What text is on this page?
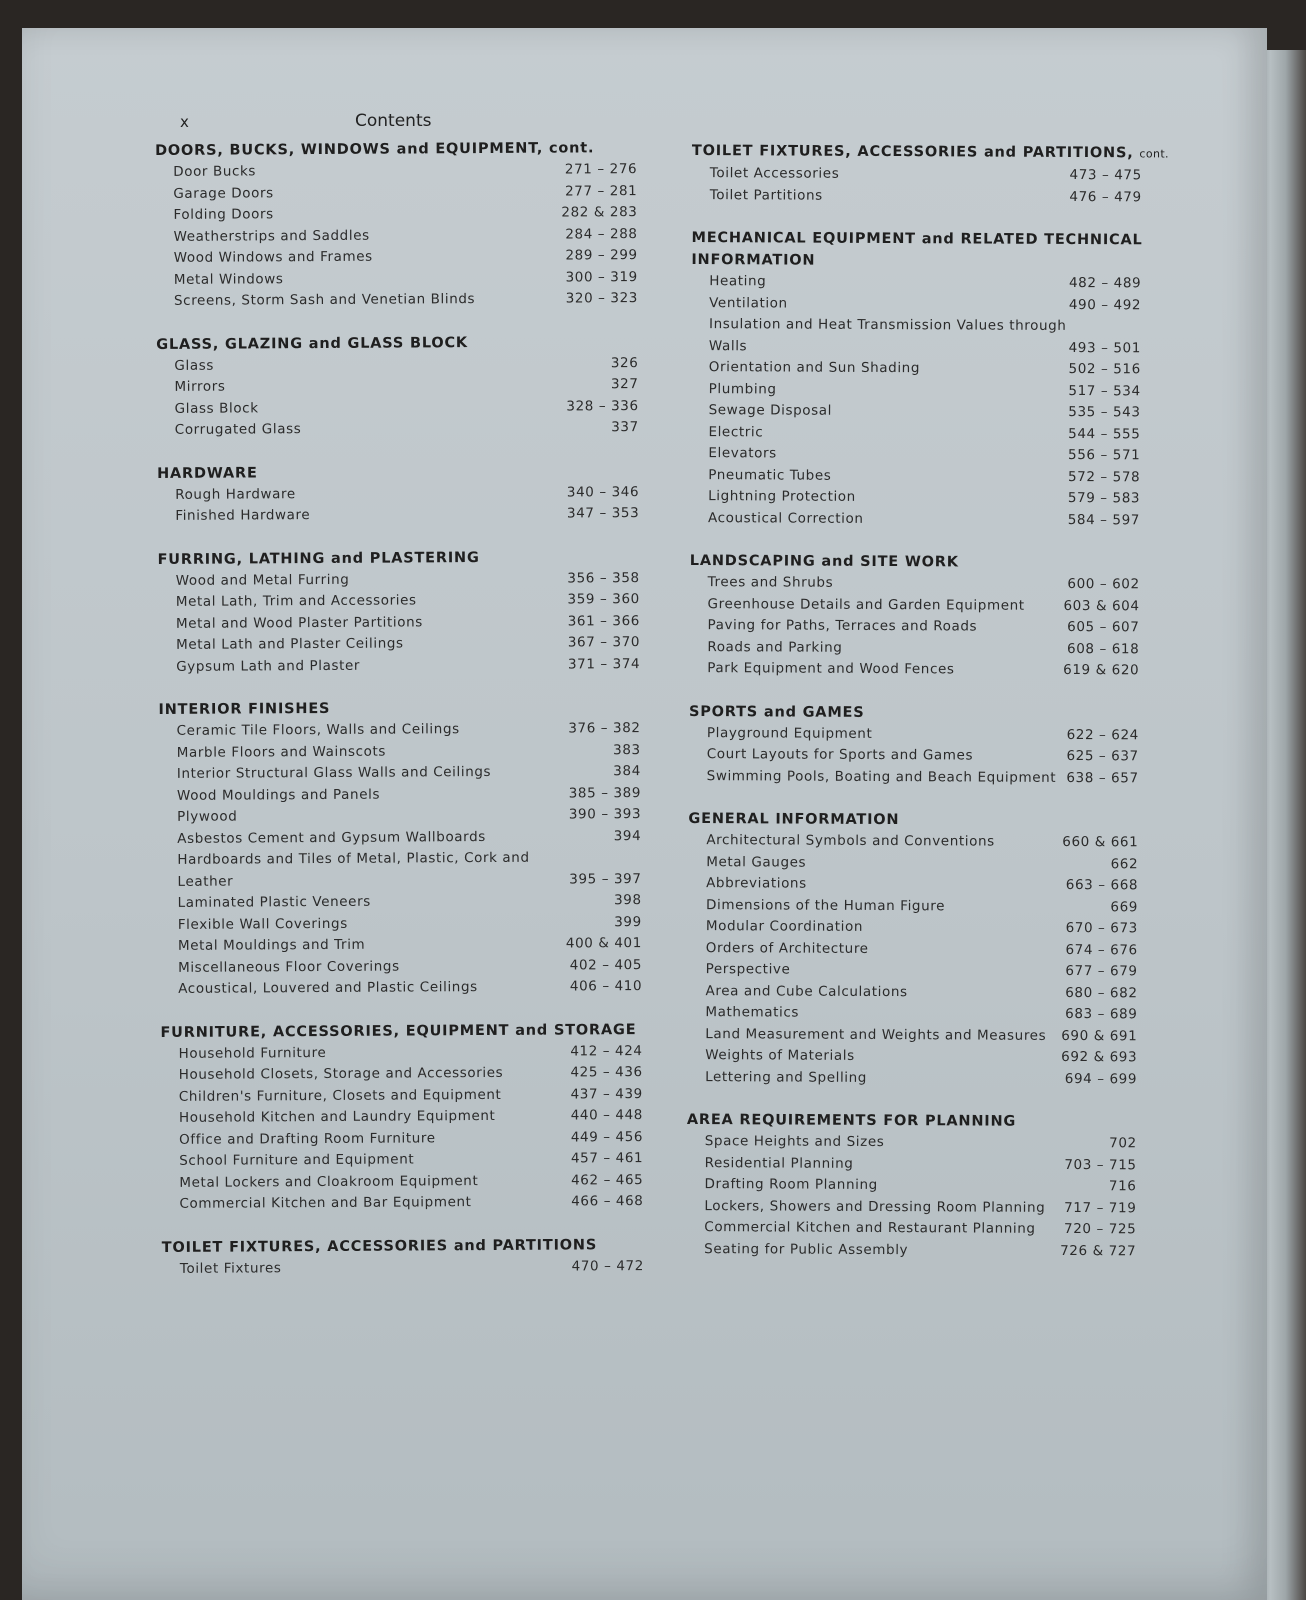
x	Contents
DOORS, BUCKS, WINDOWS and EQUIPMENT, cont.
Door Bucks	271 – 276
Garage Doors	277 – 281
Folding Doors	282 & 283
Weatherstrips and Saddles	284 – 288
Wood Windows and Frames	289 – 299
Metal Windows	300 – 319
Screens, Storm Sash and Venetian Blinds	320 – 323
GLASS, GLAZING and GLASS BLOCK
Glass	326
Mirrors	327
Glass Block	328 – 336
Corrugated Glass	337
HARDWARE
Rough Hardware	340 – 346
Finished Hardware	347 – 353
FURRING, LATHING and PLASTERING
Wood and Metal Furring	356 – 358
Metal Lath, Trim and Accessories	359 – 360
Metal and Wood Plaster Partitions	361 – 366
Metal Lath and Plaster Ceilings	367 – 370
Gypsum Lath and Plaster	371 – 374
INTERIOR FINISHES
Ceramic Tile Floors, Walls and Ceilings	376 – 382
Marble Floors and Wainscots	383
Interior Structural Glass Walls and Ceilings	384
Wood Mouldings and Panels	385 – 389
Plywood	390 – 393
Asbestos Cement and Gypsum Wallboards	394
Hardboards and Tiles of Metal, Plastic, Cork and Leather	395 – 397
Laminated Plastic Veneers	398
Flexible Wall Coverings	399
Metal Mouldings and Trim	400 & 401
Miscellaneous Floor Coverings	402 – 405
Acoustical, Louvered and Plastic Ceilings	406 – 410
FURNITURE, ACCESSORIES, EQUIPMENT and STORAGE
Household Furniture	412 – 424
Household Closets, Storage and Accessories	425 – 436
Children's Furniture, Closets and Equipment	437 – 439
Household Kitchen and Laundry Equipment	440 – 448
Office and Drafting Room Furniture	449 – 456
School Furniture and Equipment	457 – 461
Metal Lockers and Cloakroom Equipment	462 – 465
Commercial Kitchen and Bar Equipment	466 – 468
TOILET FIXTURES, ACCESSORIES and PARTITIONS
Toilet Fixtures	470 – 472
TOILET FIXTURES, ACCESSORIES and PARTITIONS, cont.
Toilet Accessories	473 – 475
Toilet Partitions	476 – 479
MECHANICAL EQUIPMENT and RELATED TECHNICAL INFORMATION
Heating	482 – 489
Ventilation	490 – 492
Insulation and Heat Transmission Values through Walls	493 – 501
Orientation and Sun Shading	502 – 516
Plumbing	517 – 534
Sewage Disposal	535 – 543
Electric	544 – 555
Elevators	556 – 571
Pneumatic Tubes	572 – 578
Lightning Protection	579 – 583
Acoustical Correction	584 – 597
LANDSCAPING and SITE WORK
Trees and Shrubs	600 – 602
Greenhouse Details and Garden Equipment	603 & 604
Paving for Paths, Terraces and Roads	605 – 607
Roads and Parking	608 – 618
Park Equipment and Wood Fences	619 & 620
SPORTS and GAMES
Playground Equipment	622 – 624
Court Layouts for Sports and Games	625 – 637
Swimming Pools, Boating and Beach Equipment 638 – 657
GENERAL INFORMATION
Architectural Symbols and Conventions	660 & 661
Metal Gauges	662
Abbreviations	663 – 668
Dimensions of the Human Figure	669
Modular Coordination	670 – 673
Orders of Architecture	674 – 676
Perspective	677 – 679
Area and Cube Calculations	680 – 682
Mathematics	683 – 689
Land Measurement and Weights and Measures	690 & 691
Weights of Materials	692 & 693
Lettering and Spelling	694 – 699
AREA REQUIREMENTS FOR PLANNING
Space Heights and Sizes	702
Residential Planning	703 – 715
Drafting Room Planning	716
Lockers, Showers and Dressing Room Planning	717 – 719
Commercial Kitchen and Restaurant Planning	720 – 725
Seating for Public Assembly	726 & 727
